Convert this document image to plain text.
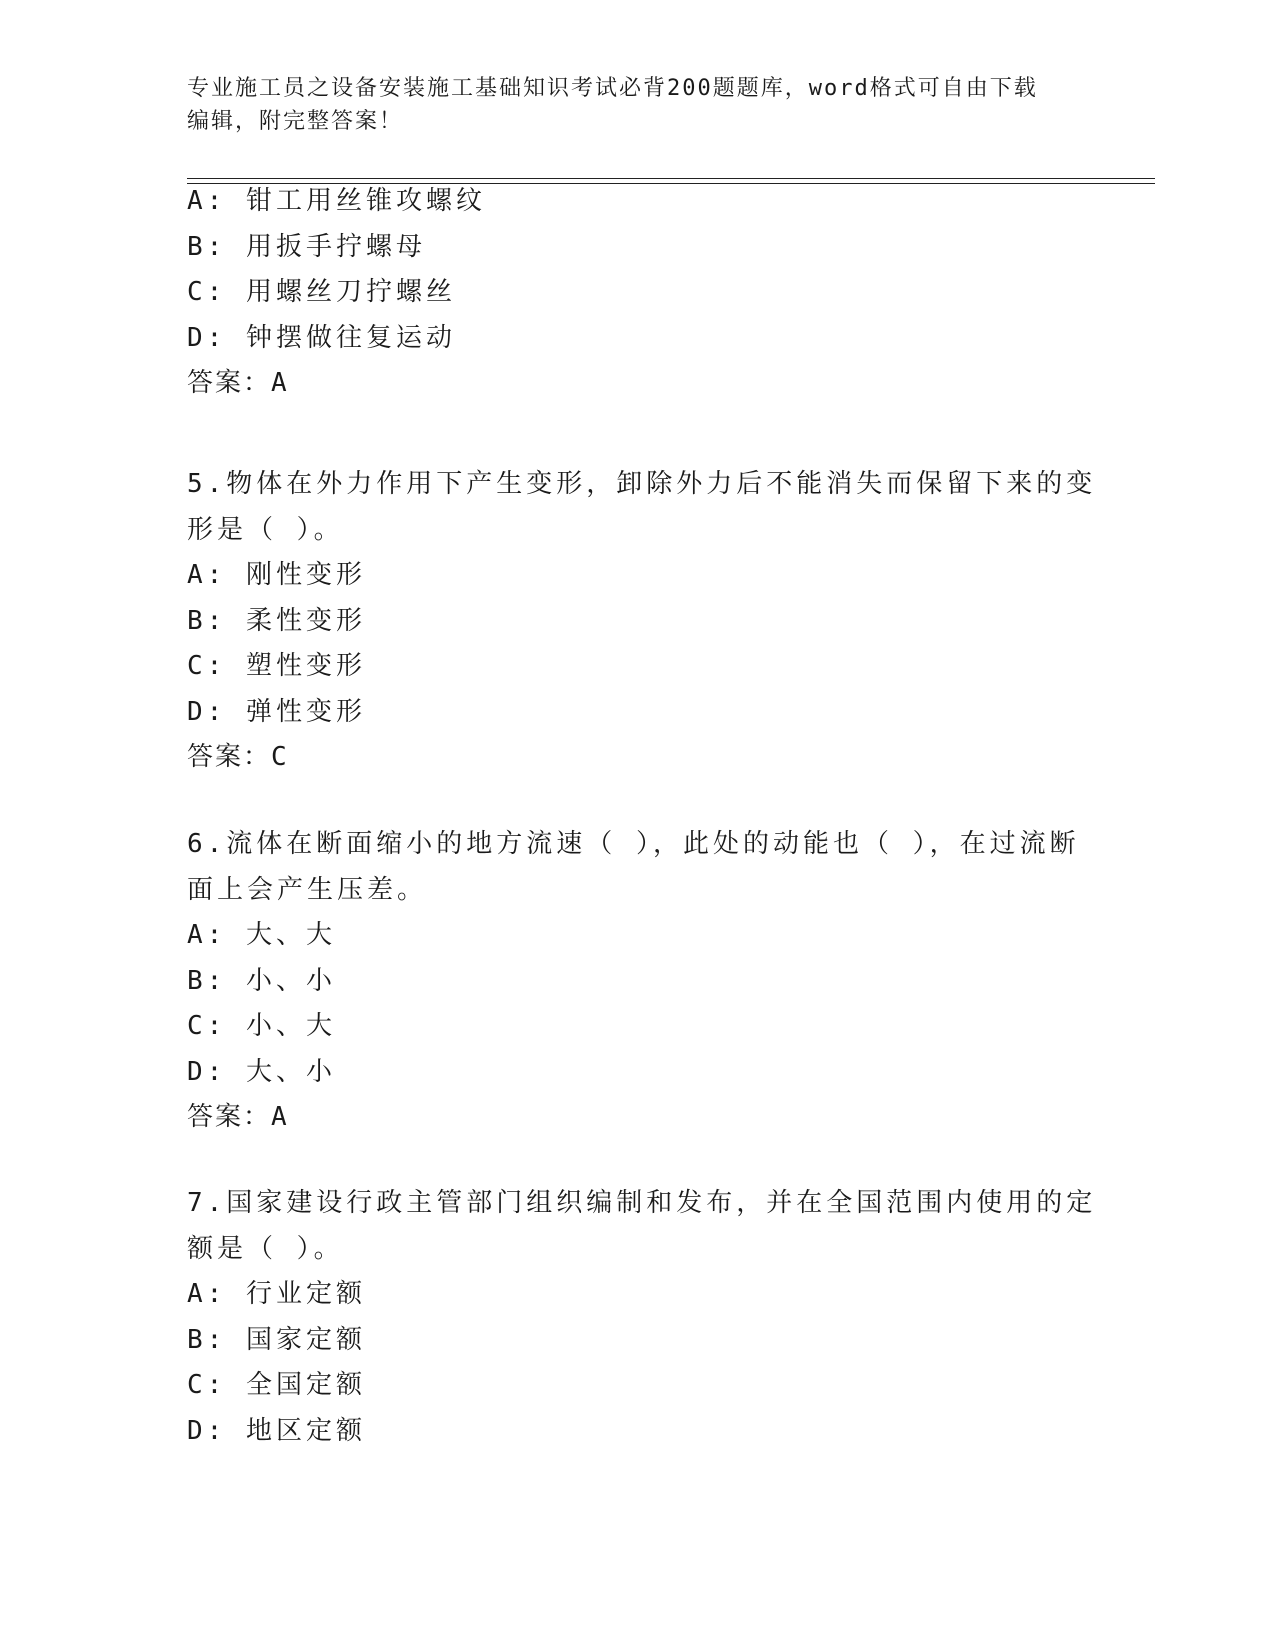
专业施工员之设备安装施工基础知识考试必背200题题库，word格式可自由下载
编辑，附完整答案！
A: 钳工用丝锥攻螺纹
B: 用扳手拧螺母
C: 用螺丝刀拧螺丝
D: 钟摆做往复运动
答案：A
5.物体在外力作用下产生变形，卸除外力后不能消失而保留下来的变
形是（ ）。
A: 刚性变形
B: 柔性变形
C: 塑性变形
D: 弹性变形
答案：C
6.流体在断面缩小的地方流速（ ），此处的动能也（ ），在过流断
面上会产生压差。
A: 大、大
B: 小、小
C: 小、大
D: 大、小
答案：A
7.国家建设行政主管部门组织编制和发布，并在全国范围内使用的定
额是（ ）。
A: 行业定额
B: 国家定额
C: 全国定额
D: 地区定额
